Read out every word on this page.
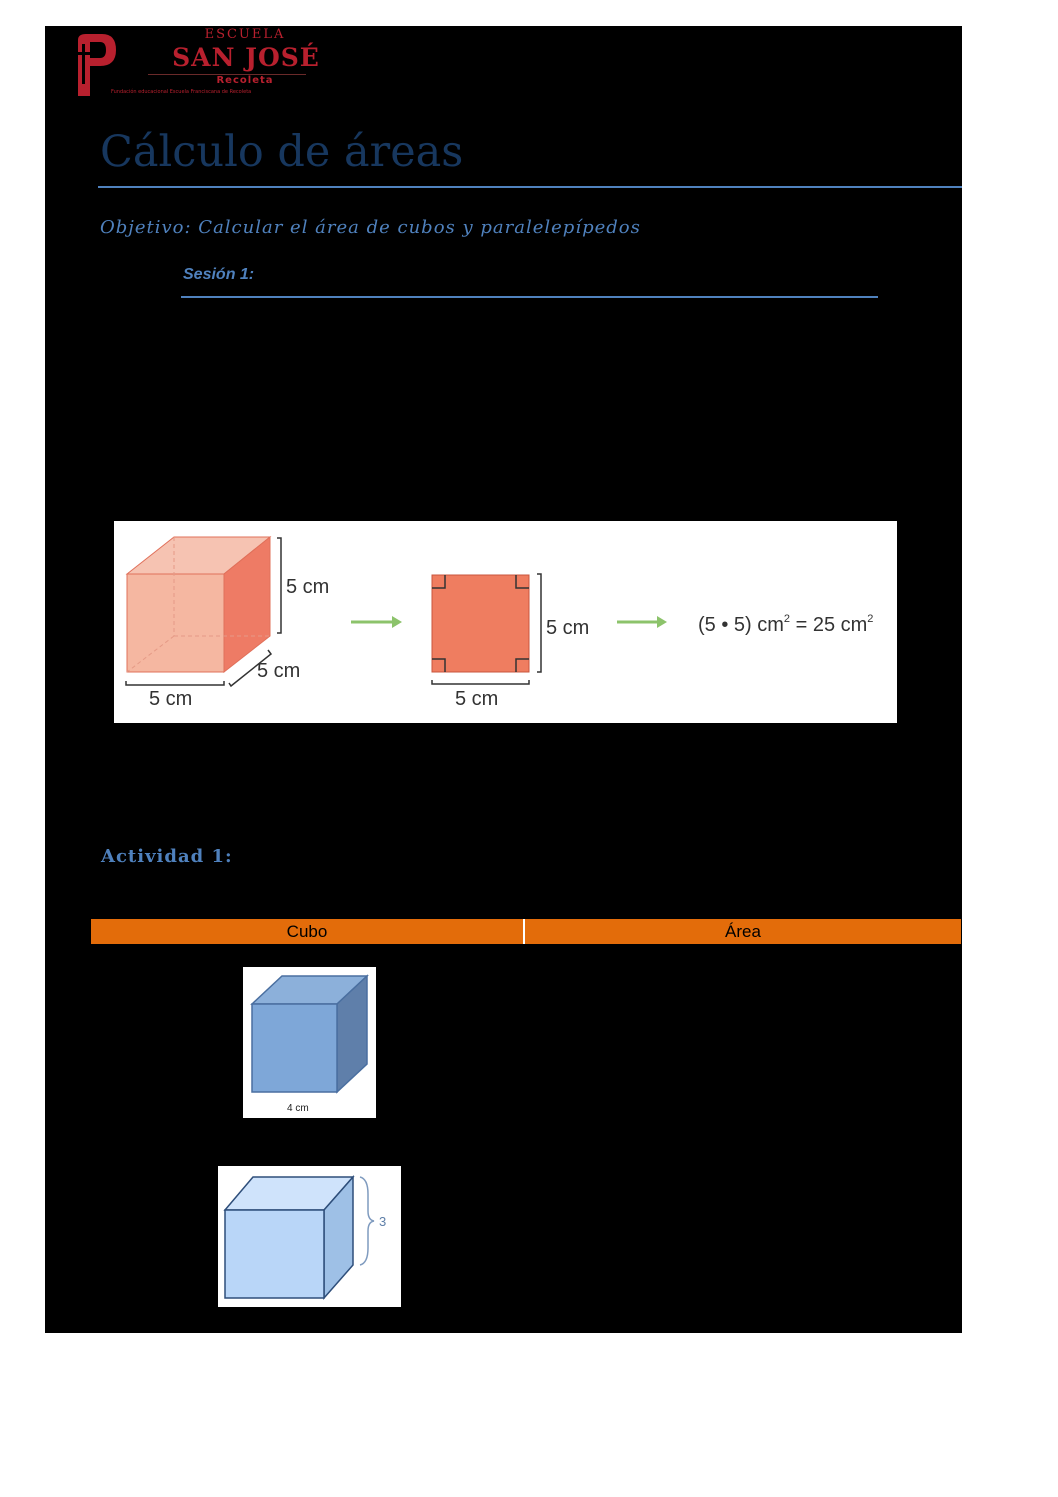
ESCUELA
SAN JOSÉ
Recoleta
Fundación educacional Escuela Franciscana de Recoleta
Cálculo de áreas
Objetivo: Calcular el área de cubos y paralelepípedos
Sesión 1:
5 cm
5 cm
5 cm
5 cm
5 cm
(5 • 5) $cm^2 = 25$ $cm^2$
Actividad 1:
Cubo	Área
4 cm
3
